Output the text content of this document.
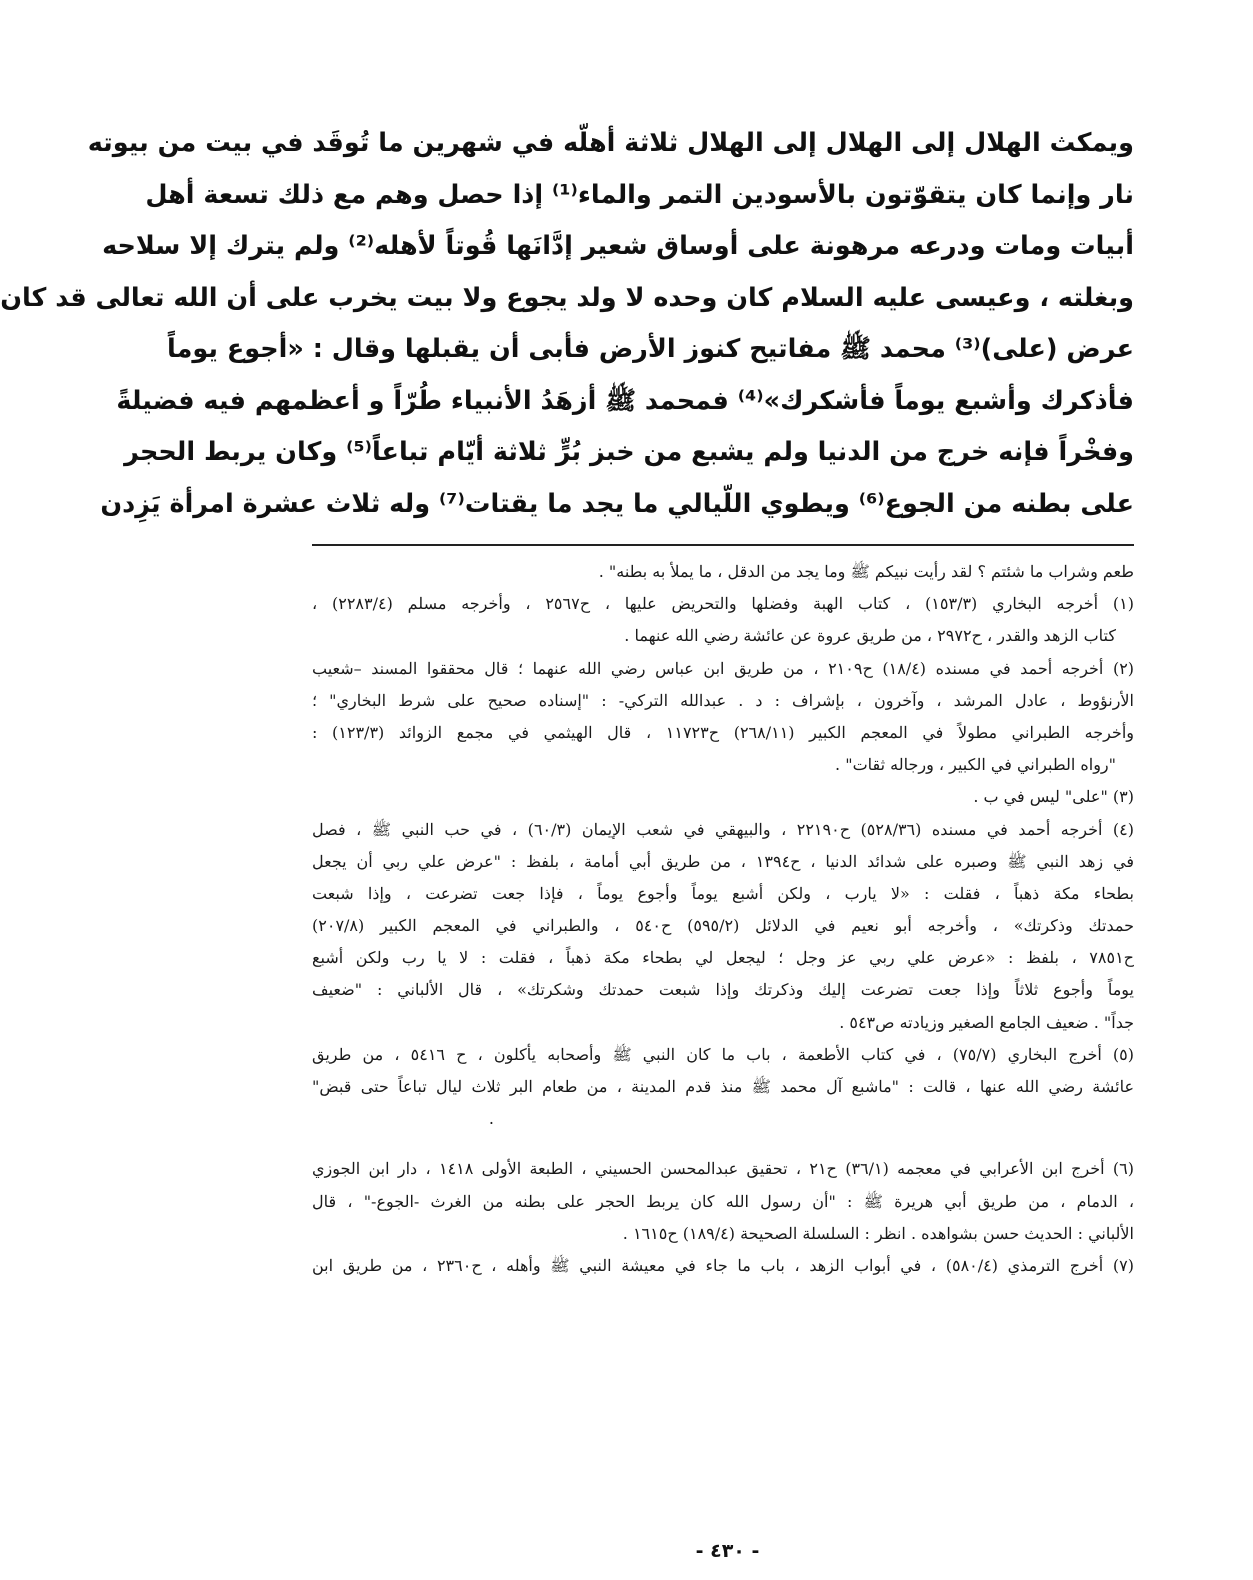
ويمكث الهلال إلى الهلال إلى الهلال ثلاثة أهلّه في شهرين ما تُوقَد في بيت من بيوته
نار وإنما كان يتقوّتون بالأسودين التمر والماء⁽¹⁾ إذا حصل وهم مع ذلك تسعة أهل
أبيات ومات ودرعه مرهونة على أوساق شعير إدَّانَها قُوتاً لأهله⁽²⁾ ولم يترك إلا سلاحه
وبغلته ، وعيسى عليه السلام كان وحده لا ولد يجوع ولا بيت يخرب على أن الله تعالى قد كان
عرض (على)⁽³⁾ محمد ﷺ مفاتيح كنوز الأرض فأبى أن يقبلها وقال : «أجوع يوماً
فأذكرك وأشبع يوماً فأشكرك»⁽⁴⁾ فمحمد ﷺ أزهَدُ الأنبياء طُرّاً و أعظمهم فيه فضيلةً
وفخْراً فإنه خرج من الدنيا ولم يشبع من خبز بُرٍّ ثلاثة أيّام تباعاً⁽⁵⁾ وكان يربط الحجر
على بطنه من الجوع⁽⁶⁾ ويطوي اللّيالي ما يجد ما يقتات⁽⁷⁾ وله ثلاث عشرة امرأة يَزِدن
طعم وشراب ما شئتم ؟ لقد رأيت نبيكم ﷺ وما يجد من الدقل ، ما يملأ به بطنه" .
(١) أخرجه البخاري (١٥٣/٣) ، كتاب الهبة وفضلها والتحريض عليها ، ح٢٥٦٧ ، وأخرجه مسلم (٢٢٨٣/٤) ،
كتاب الزهد والقدر ، ح٢٩٧٢ ، من طريق عروة عن عائشة رضي الله عنهما .
(٢) أخرجه أحمد في مسنده (١٨/٤) ح٢١٠٩ ، من طريق ابن عباس رضي الله عنهما ؛ قال محققوا المسند –شعيب
الأرنؤوط ، عادل المرشد ، وآخرون ، بإشراف : د . عبدالله التركي- : "إسناده صحيح على شرط البخاري" ؛
وأخرجه الطبراني مطولاً في المعجم الكبير (٢٦٨/١١) ح١١٧٢٣ ، قال الهيثمي في مجمع الزوائد (١٢٣/٣) :
"رواه الطبراني في الكبير ، ورجاله ثقات" .
(٣) "على" ليس في ب .
(٤) أخرجه أحمد في مسنده (٥٢٨/٣٦) ح٢٢١٩٠ ، والبيهقي في شعب الإيمان (٦٠/٣) ، في حب النبي ﷺ ، فصل
في زهد النبي ﷺ وصبره على شدائد الدنيا ، ح١٣٩٤ ، من طريق أبي أمامة ، بلفظ : "عرض علي ربي أن يجعل
بطحاء مكة ذهباً ، فقلت : «لا يارب ، ولكن أشبع يوماً وأجوع يوماً ، فإذا جعت تضرعت ، وإذا شبعت
حمدتك وذكرتك» ، وأخرجه أبو نعيم في الدلائل (٥٩٥/٢) ح٥٤٠ ، والطبراني في المعجم الكبير (٢٠٧/٨)
ح٧٨٥١ ، بلفظ : «عرض علي ربي عز وجل ؛ ليجعل لي بطحاء مكة ذهباً ، فقلت : لا يا رب ولكن أشبع
يوماً وأجوع ثلاثاً وإذا جعت تضرعت إليك وذكرتك وإذا شبعت حمدتك وشكرتك» ، قال الألباني : "ضعيف
جداً" . ضعيف الجامع الصغير وزيادته ص٥٤٣ .
(٥) أخرج البخاري (٧٥/٧) ، في كتاب الأطعمة ، باب ما كان النبي ﷺ وأصحابه يأكلون ، ح ٥٤١٦ ، من طريق
عائشة رضي الله عنها ، قالت : "ماشبع آل محمد ﷺ منذ قدم المدينة ، من طعام البر ثلاث ليال تباعاً حتى قبض"
.
(٦) أخرج ابن الأعرابي في معجمه (٣٦/١) ح٢١ ، تحقيق عبدالمحسن الحسيني ، الطبعة الأولى ١٤١٨ ، دار ابن الجوزي
، الدمام ، من طريق أبي هريرة ﷺ : "أن رسول الله كان يربط الحجر على بطنه من الغرث -الجوع-" ، قال
الألباني : الحديث حسن بشواهده . انظر : السلسلة الصحيحة (١٨٩/٤) ح١٦١٥ .
(٧) أخرج الترمذي (٥٨٠/٤) ، في أبواب الزهد ، باب ما جاء في معيشة النبي ﷺ وأهله ، ح٢٣٦٠ ، من طريق ابن
- ٤٣٠ -
